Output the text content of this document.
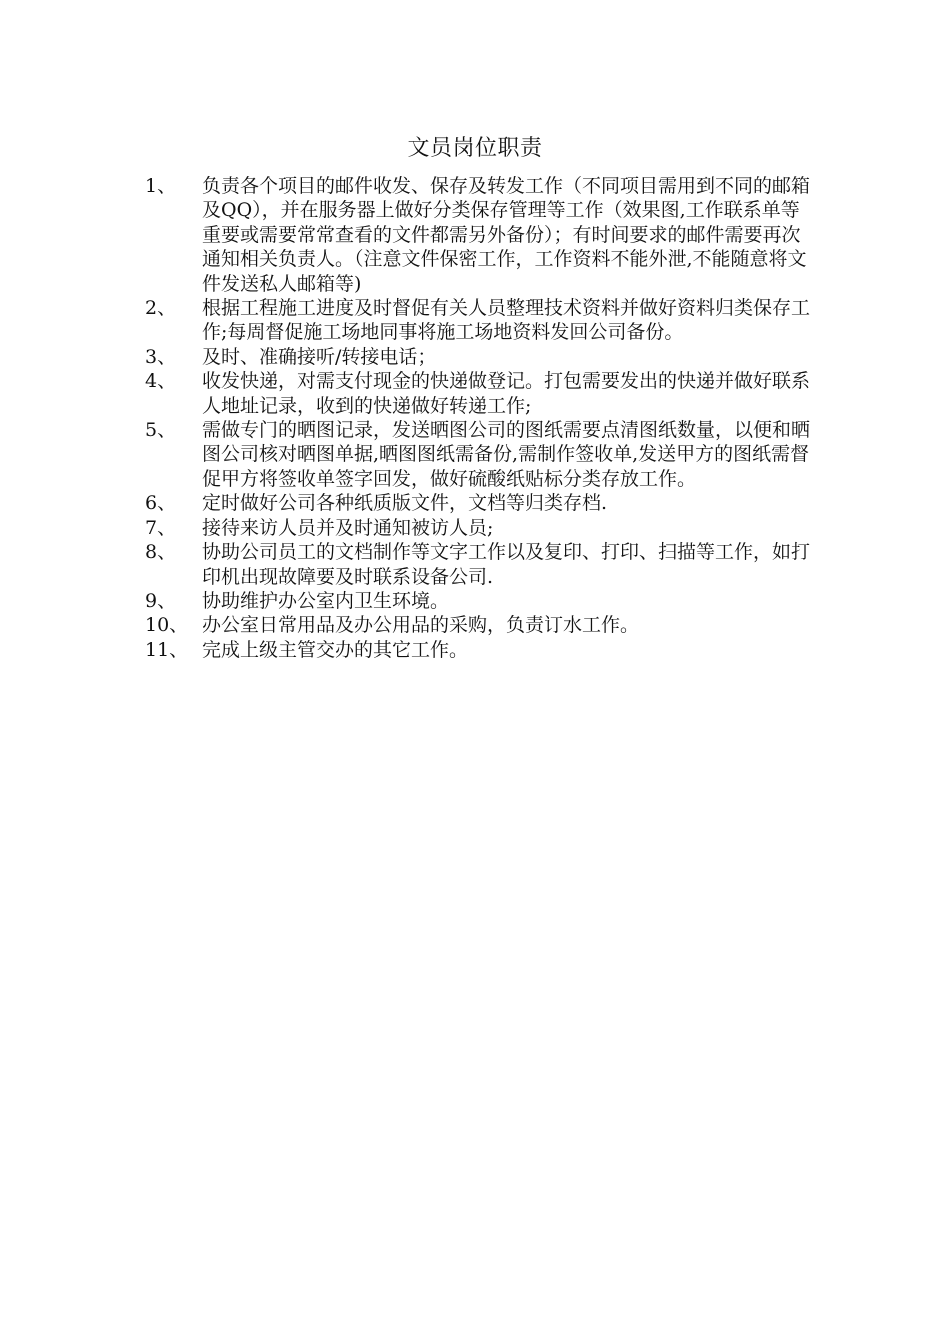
文员岗位职责
1、	负责各个项目的邮件收发、保存及转发工作（不同项目需用到不同的邮箱及QQ），并在服务器上做好分类保存管理等工作（效果图,工作联系单等重要或需要常常查看的文件都需另外备份）；有时间要求的邮件需要再次通知相关负责人。（注意文件保密工作，工作资料不能外泄,不能随意将文件发送私人邮箱等)
2、	根据工程施工进度及时督促有关人员整理技术资料并做好资料归类保存工作;每周督促施工场地同事将施工场地资料发回公司备份。
3、	及时、准确接听/转接电话；
4、	收发快递，对需支付现金的快递做登记。打包需要发出的快递并做好联系人地址记录，收到的快递做好转递工作;
5、	需做专门的晒图记录，发送晒图公司的图纸需要点清图纸数量，以便和晒图公司核对晒图单据,晒图图纸需备份,需制作签收单,发送甲方的图纸需督促甲方将签收单签字回发，做好硫酸纸贴标分类存放工作。
6、	定时做好公司各种纸质版文件，文档等归类存档.
7、	接待来访人员并及时通知被访人员;
8、	协助公司员工的文档制作等文字工作以及复印、打印、扫描等工作，如打印机出现故障要及时联系设备公司.
9、	协助维护办公室内卫生环境。
10、 办公室日常用品及办公用品的采购，负责订水工作。
11、 完成上级主管交办的其它工作。
